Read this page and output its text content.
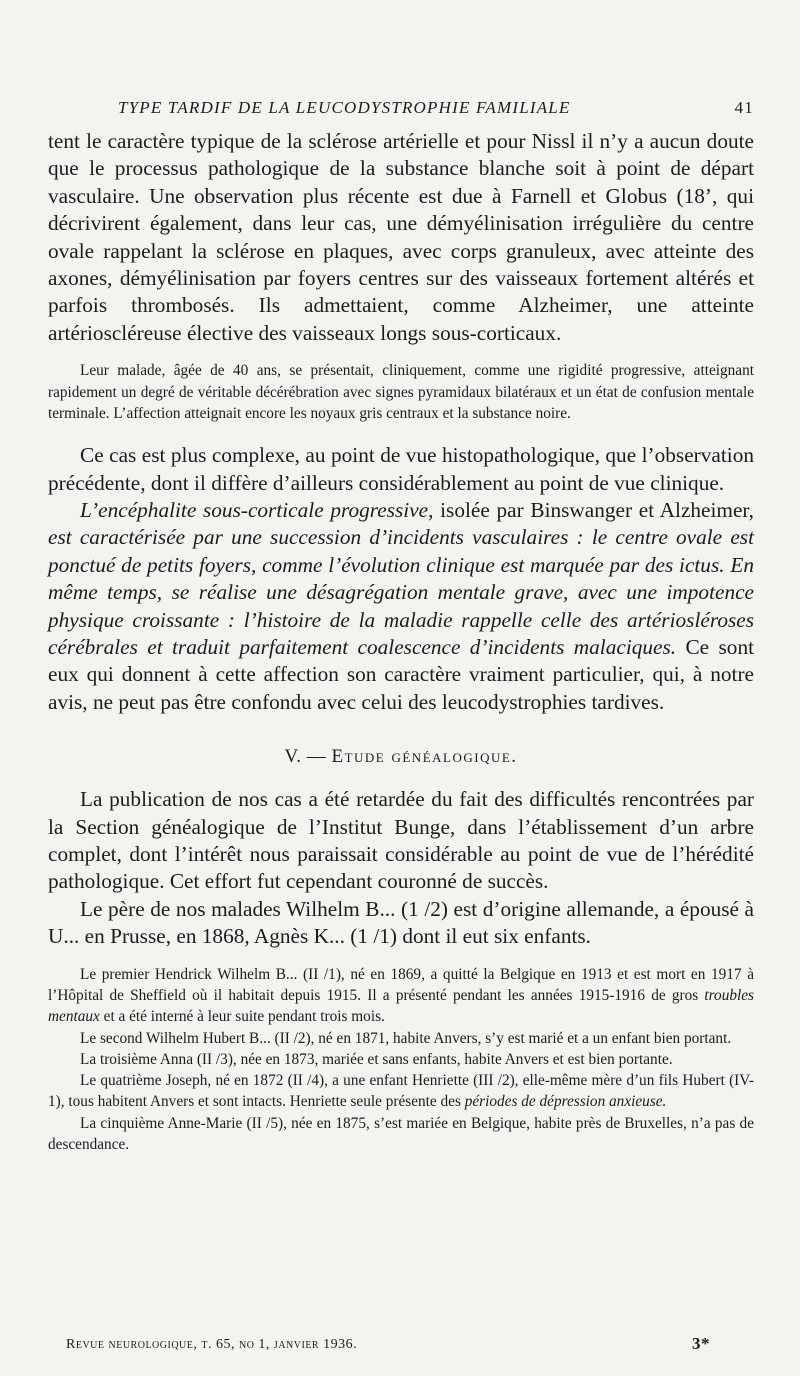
TYPE TARDIF DE LA LEUCODYSTROPHIE FAMILIALE	41

tent le caractère typique de la sclérose artérielle et pour Nissl il n’y a aucun doute que le processus pathologique de la substance blanche soit à point de départ vasculaire. Une observation plus récente est due à Farnell et Globus (18’, qui décrivirent également, dans leur cas, une démyélinisation irrégulière du centre ovale rappelant la sclérose en plaques, avec corps granuleux, avec atteinte des axones, démyélinisation par foyers centres sur des vaisseaux fortement altérés et parfois thrombosés. Ils admettaient, comme Alzheimer, une atteinte artérioscléreuse élective des vaisseaux longs sous-corticaux.

Leur malade, âgée de 40 ans, se présentait, cliniquement, comme une rigidité progressive, atteignant rapidement un degré de véritable décérébration avec signes pyramidaux bilatéraux et un état de confusion mentale terminale. L’affection atteignait encore les noyaux gris centraux et la substance noire.

Ce cas est plus complexe, au point de vue histopathologique, que l’observation précédente, dont il diffère d’ailleurs considérablement au point de vue clinique.

L’encéphalite sous-corticale progressive, isolée par Binswanger et Alzheimer, est caractérisée par une succession d’incidents vasculaires : le centre ovale est ponctué de petits foyers, comme l’évolution clinique est marquée par des ictus. En même temps, se réalise une désagrégation mentale grave, avec une impotence physique croissante : l’histoire de la maladie rappelle celle des artériosléroses cérébrales et traduit parfaitement coalescence d’incidents malaciques. Ce sont eux qui donnent à cette affection son caractère vraiment particulier, qui, à notre avis, ne peut pas être confondu avec celui des leucodystrophies tardives.

V. — Etude généalogique.

La publication de nos cas a été retardée du fait des difficultés rencontrées par la Section généalogique de l’Institut Bunge, dans l’établissement d’un arbre complet, dont l’intérêt nous paraissait considérable au point de vue de l’hérédité pathologique. Cet effort fut cependant couronné de succès.

Le père de nos malades Wilhelm B... (1 /2) est d’origine allemande, a épousé à U... en Prusse, en 1868, Agnès K... (1 /1) dont il eut six enfants.

Le premier Hendrick Wilhelm B... (II /1), né en 1869, a quitté la Belgique en 1913 et est mort en 1917 à l’Hôpital de Sheffield où il habitait depuis 1915. Il a présenté pendant les années 1915-1916 de gros troubles mentaux et a été interné à leur suite pendant trois mois.

Le second Wilhelm Hubert B... (II /2), né en 1871, habite Anvers, s’y est marié et a un enfant bien portant.

La troisième Anna (II /3), née en 1873, mariée et sans enfants, habite Anvers et est bien portante.

Le quatrième Joseph, né en 1872 (II /4), a une enfant Henriette (III /2), elle-même mère d’un fils Hubert (IV-1), tous habitent Anvers et sont intacts. Henriette seule présente des périodes de dépression anxieuse.

La cinquième Anne-Marie (II /5), née en 1875, s’est mariée en Belgique, habite près de Bruxelles, n’a pas de descendance.

Revue neurologique, t. 65, no 1, janvier 1936.	3*
